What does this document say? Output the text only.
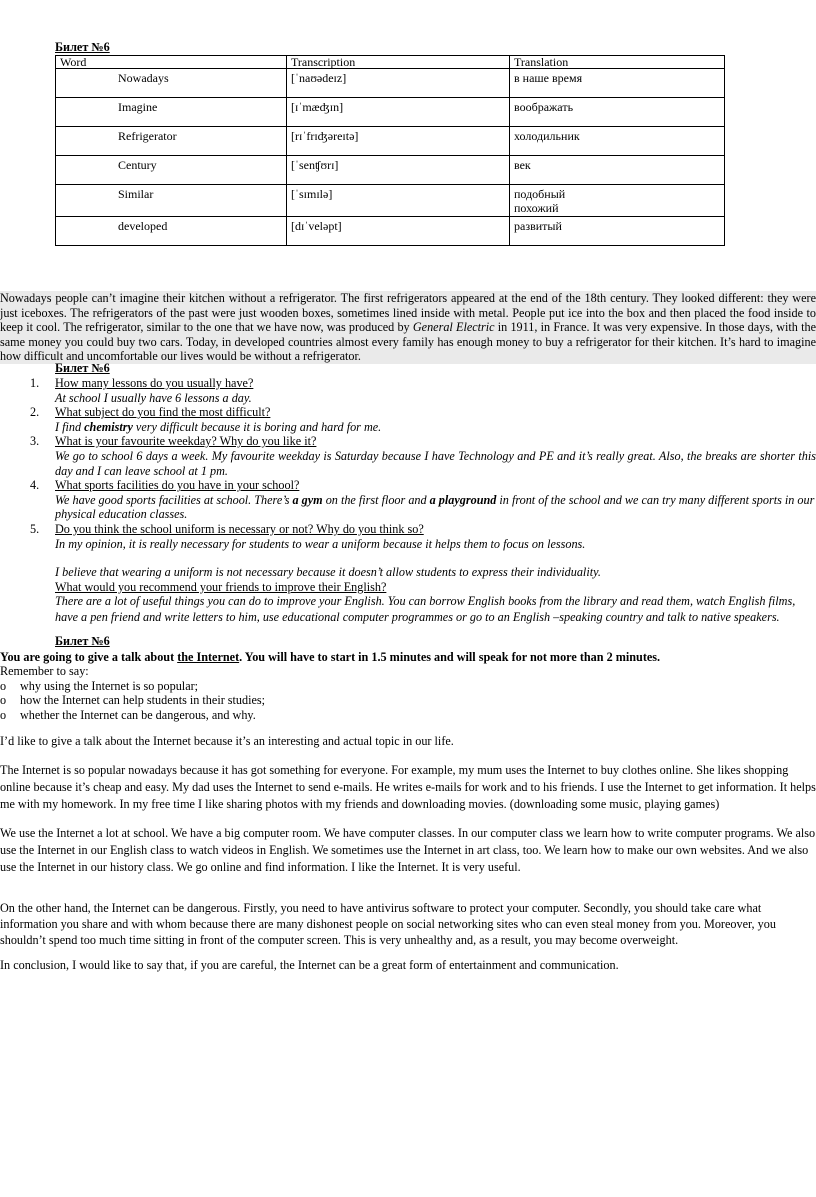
Билет №6
Word	Transcription	Translation

Nowadays	[ˈnaʊədeɪz]	в наше время

Imagine	[ɪˈmæʤɪn]	воображать

Refrigerator	[rɪˈfrɪʤəreɪtə]	холодильник

Century	[ˈsenʧʊrɪ]	век

Similar	[ˈsɪmɪlə]	подобный
похожий

developed	[dɪˈveləpt]	развитый
Nowadays people can’t imagine their kitchen without a refrigerator. The first refrigerators appeared at the end of the 18th century. They looked different: they were just iceboxes. The refrigerators of the past were just wooden boxes, sometimes lined inside with metal. People put ice into the box and then placed the food inside to keep it cool. The refrigerator, similar to the one that we have now, was produced by General Electric in 1911, in France. It was very expensive. In those days, with the same money you could buy two cars. Today, in developed countries almost every family has enough money to buy a refrigerator for their kitchen. It’s hard to imagine how difficult and uncomfortable our lives would be without a refrigerator.
Билет №6
1. How many lessons do you usually have?
At school I usually have 6 lessons a day.
2. What subject do you find the most difficult?
I find chemistry very difficult because it is boring and hard for me.
3. What is your favourite weekday? Why do you like it?
We go to school 6 days a week. My favourite weekday is Saturday because I have Technology and PE and it’s really great. Also, the breaks are shorter this day and I can leave school at 1 pm.
4. What sports facilities do you have in your school?
We have good sports facilities at school. There’s a gym on the first floor and a playground in front of the school and we can try many different sports in our physical education classes.
5. Do you think the school uniform is necessary or not? Why do you think so?
In my opinion, it is really necessary for students to wear a uniform because it helps them to focus on lessons.
I believe that wearing a uniform is not necessary because it doesn’t allow students to express their individuality.
What would you recommend your friends to improve their English?
There are a lot of useful things you can do to improve your English. You can borrow English books from the library and read them, watch English films, have a pen friend and write letters to him, use educational computer programmes or go to an English –speaking country and talk to native speakers.
Билет №6

You are going to give a talk about the Internet. You will have to start in 1.5 minutes and will speak for not more than 2 minutes.

Remember to say:

o why using the Internet is so popular;
o how the Internet can help students in their studies;
o whether the Internet can be dangerous, and why.

I’d like to give a talk about the Internet because it’s an interesting and actual topic in our life.

The Internet is so popular nowadays because it has got something for everyone. For example, my mum uses the Internet to buy clothes online. She likes shopping online because it’s cheap and easy. My dad uses the Internet to send e-mails. He writes e-mails for work and to his friends. I use the Internet to get information. It helps me with my homework. In my free time I like sharing photos with my friends and downloading movies. (downloading some music, playing games)

We use the Internet a lot at school. We have a big computer room. We have computer classes. In our computer class we learn how to write computer programs. We also use the Internet in our English class to watch videos in English. We sometimes use the Internet in art class, too. We learn how to make our own websites. And we also use the Internet in our history class. We go online and find information. I like the Internet. It is very useful.

On the other hand, the Internet can be dangerous. Firstly, you need to have antivirus software to protect your computer. Secondly, you should take care what information you share and with whom because there are many dishonest people on social networking sites who can even steal money from you. Moreover, you shouldn’t spend too much time sitting in front of the computer screen. This is very unhealthy and, as a result, you may become overweight.

In conclusion, I would like to say that, if you are careful, the Internet can be a great form of entertainment and communication.
